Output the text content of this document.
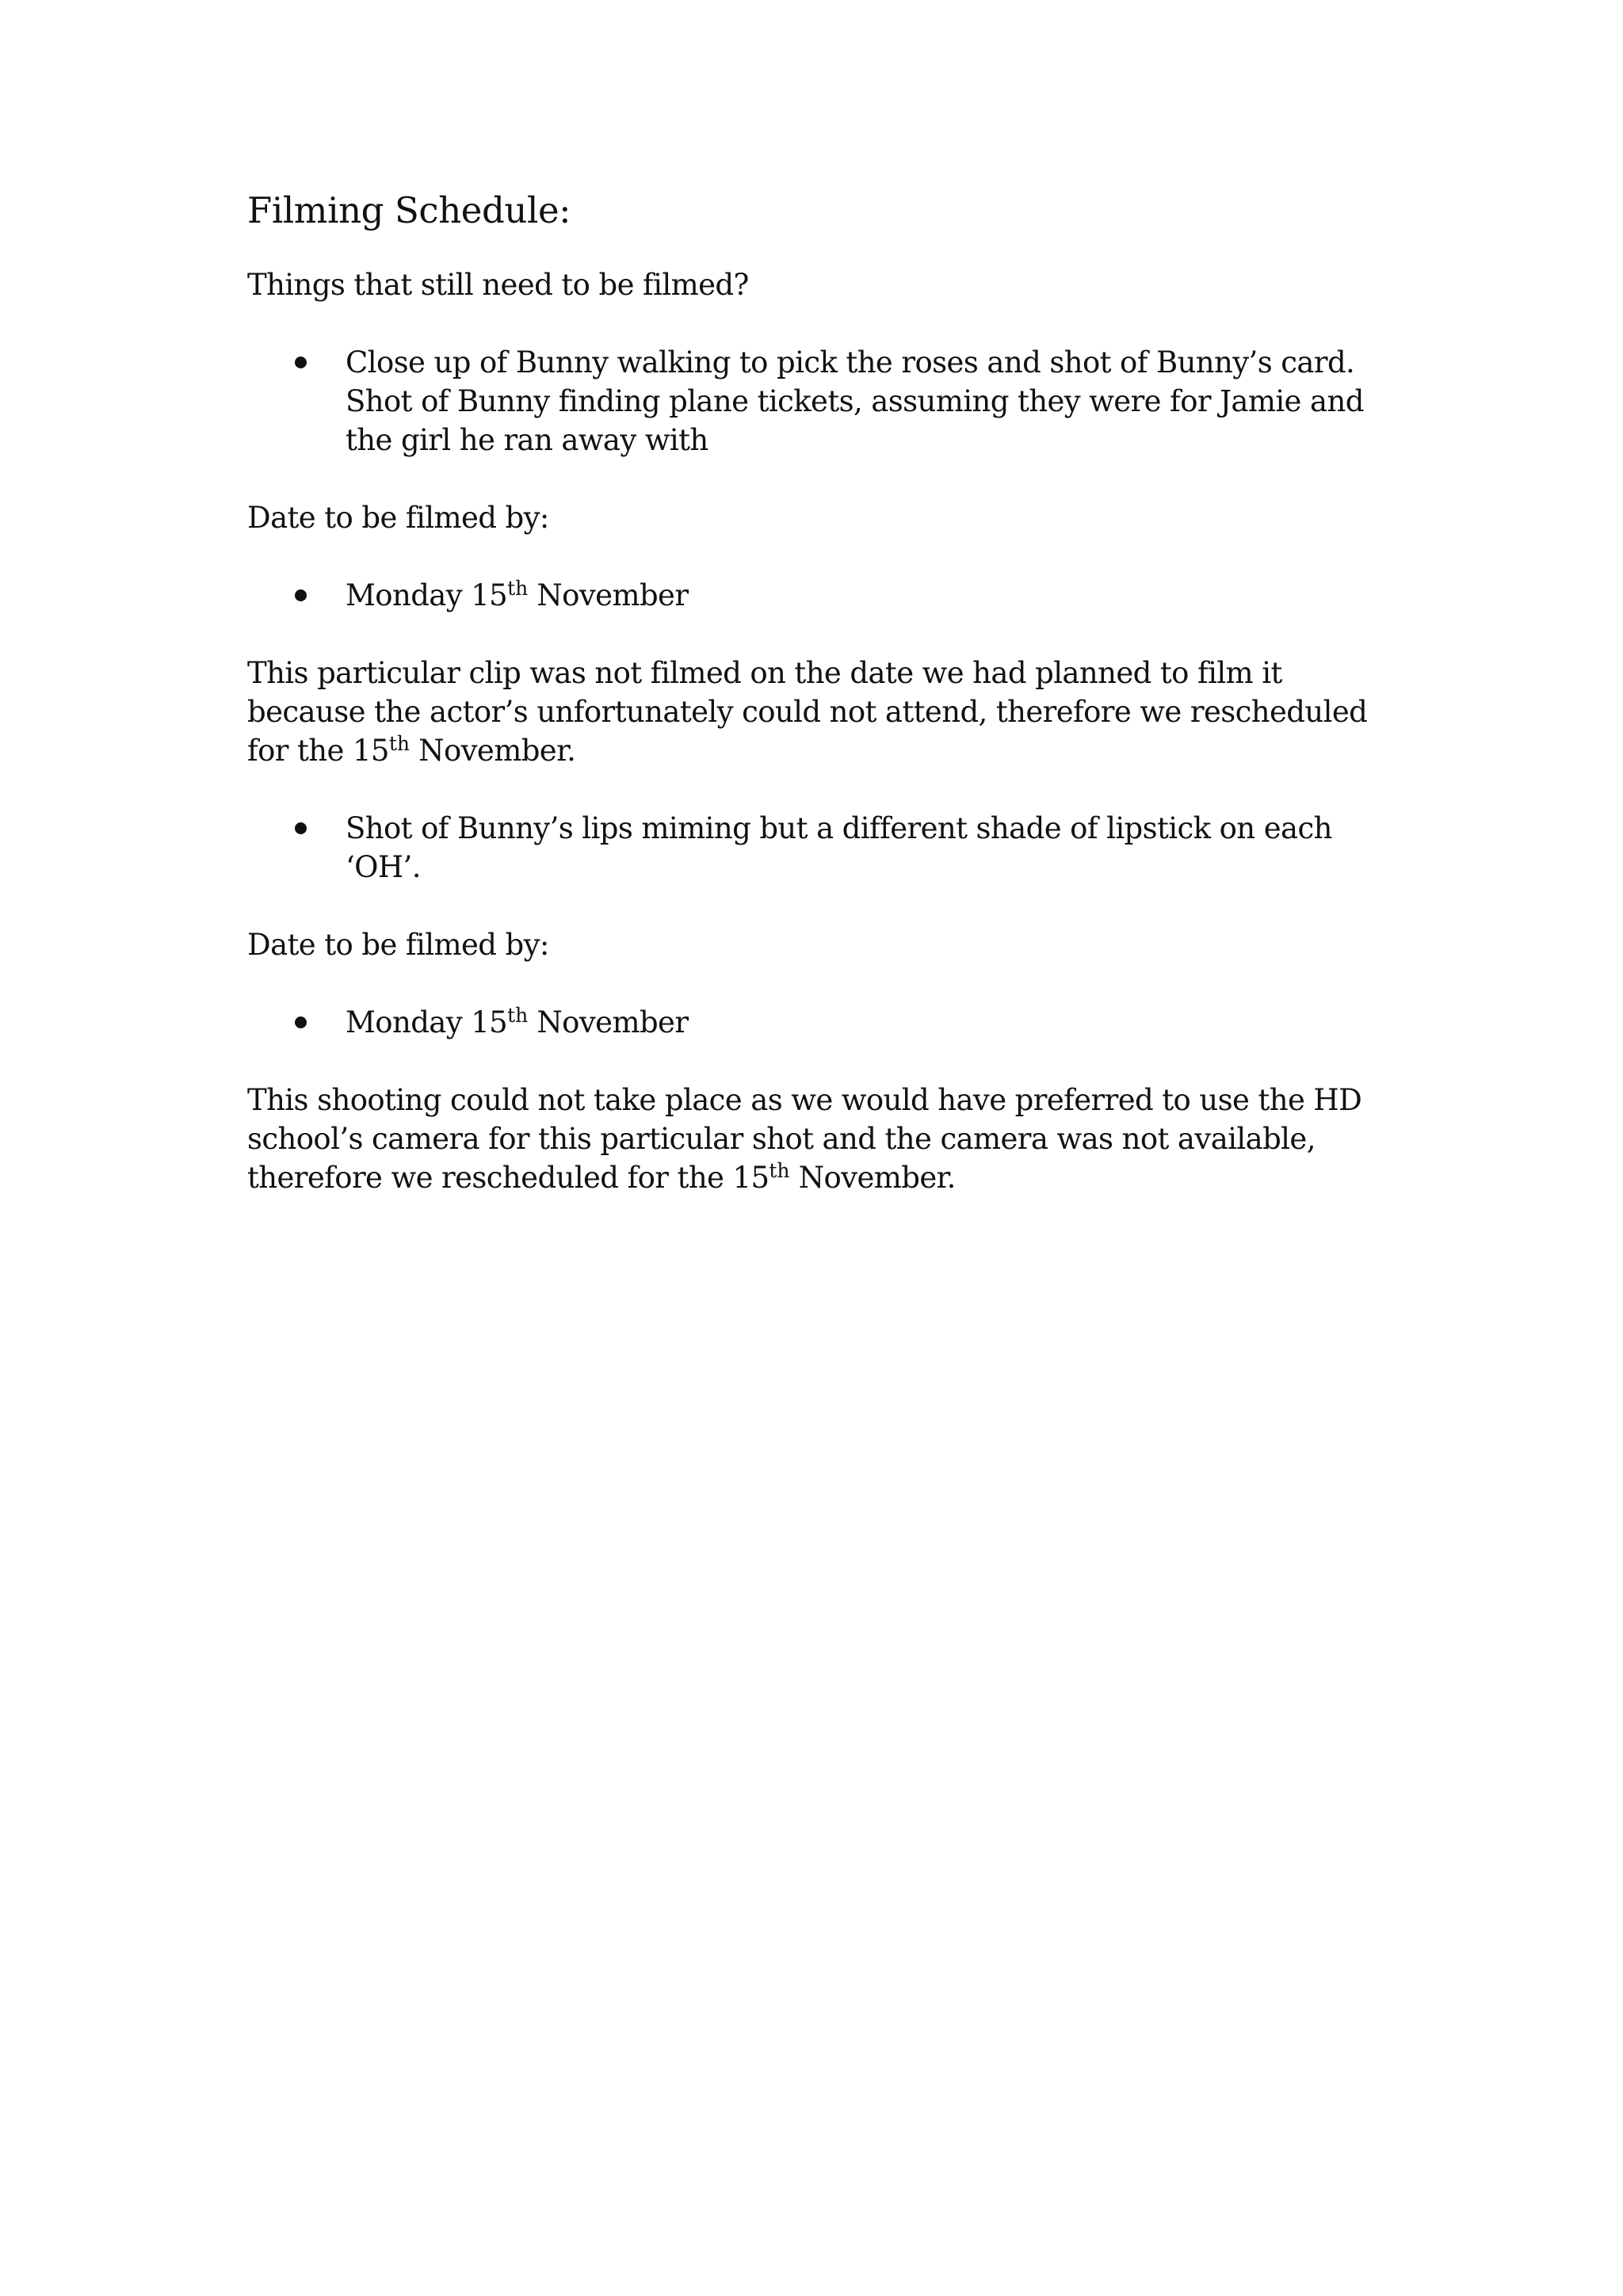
Filming Schedule:

Things that still need to be filmed?

Close up of Bunny walking to pick the roses and shot of Bunny’s card. Shot of Bunny finding plane tickets, assuming they were for Jamie and the girl he ran away with

Date to be filmed by:

Monday 15th November

This particular clip was not filmed on the date we had planned to film it because the actor’s unfortunately could not attend, therefore we rescheduled for the 15th November.

Shot of Bunny’s lips miming but a different shade of lipstick on each ‘OH’.

Date to be filmed by:

Monday 15th November

This shooting could not take place as we would have preferred to use the HD school’s camera for this particular shot and the camera was not available, therefore we rescheduled for the 15th November.
